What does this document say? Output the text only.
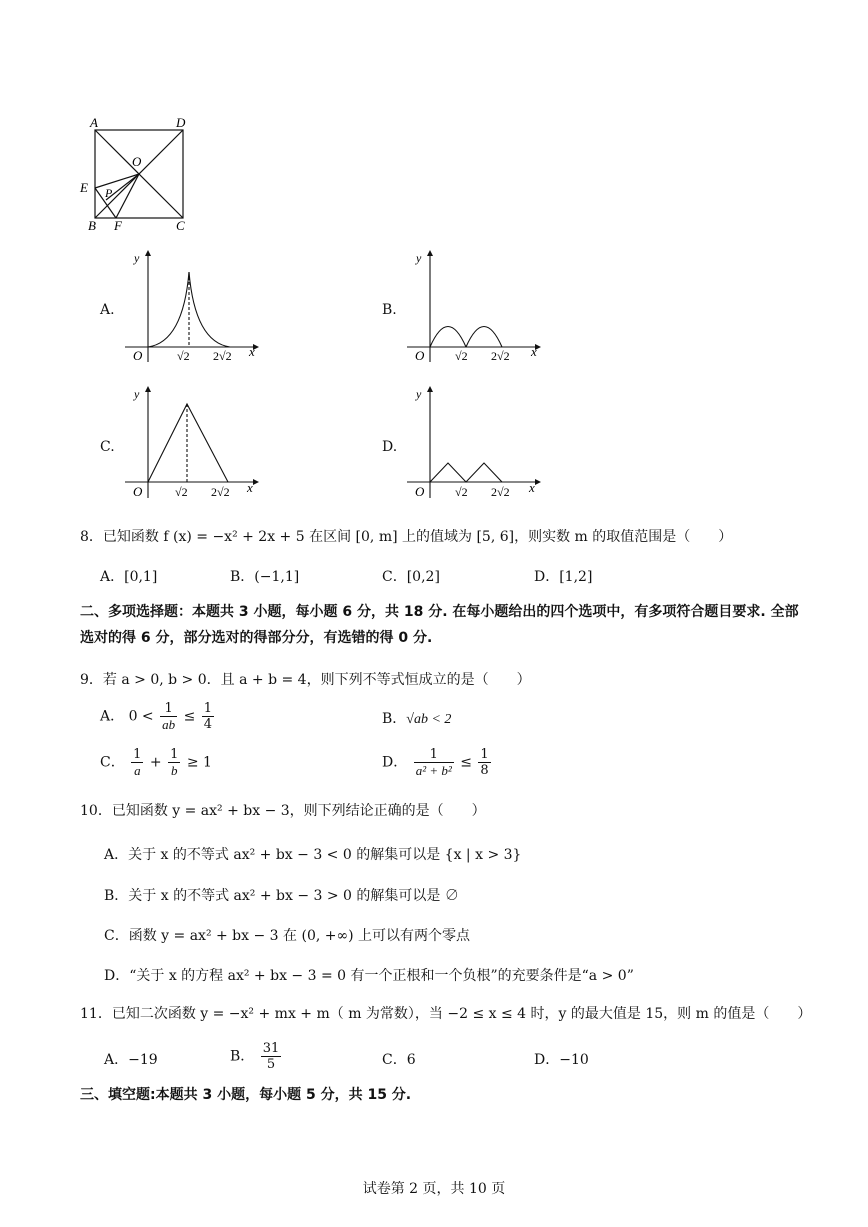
A	D
O
E P
B F	C
A.
y
x
O	√2 2√2
B.
y
x
O	√2 2√2
C.
y
x
O	√2 2√2
D.
y
x
O	√2 2√2
8．已知函数 f (x) = −x² + 2x + 5 在区间 [0, m] 上的值域为 [5, 6]，则实数 m 的取值范围是（　　）
A．[0,1]	B．(−1,1]	C．[0,2]	D．[1,2]
二、多项选择题：本题共 3 小题，每小题 6 分，共 18 分. 在每小题给出的四个选项中，有多项符合题目要求. 全部选对的得 6 分，部分选对的得部分分，有选错的得 0 分.
9．若 a > 0, b > 0．且 a + b = 4，则下列不等式恒成立的是（　　）
A． $0 < \frac{1}{ab} \le \frac{1}{4}$	B．√ab < 2
C． $\frac{1}{a} + \frac{1}{b} \ge 1$	D． $\frac{1}{\text{a² + b²}} \le \frac{1}{8}$
10．已知函数 y = ax² + bx − 3，则下列结论正确的是（　　）
A．关于 x 的不等式 ax² + bx − 3 < 0 的解集可以是 {x | x > 3}
B．关于 x 的不等式 ax² + bx − 3 > 0 的解集可以是 ∅
C．函数 y = ax² + bx − 3 在 (0, +∞) 上可以有两个零点
D．“关于 x 的方程 ax² + bx − 3 = 0 有一个正根和一个负根”的充要条件是“a > 0”
11．已知二次函数 y = −x² + mx + m（ m 为常数），当 −2 ≤ x ≤ 4 时，y 的最大值是 15，则 m 的值是（　　）
A．−19	B． $\frac{31}{5}$	C．6	D．−10
三、填空题:本题共 3 小题，每小题 5 分，共 15 分.
试卷第 2 页，共 10 页
